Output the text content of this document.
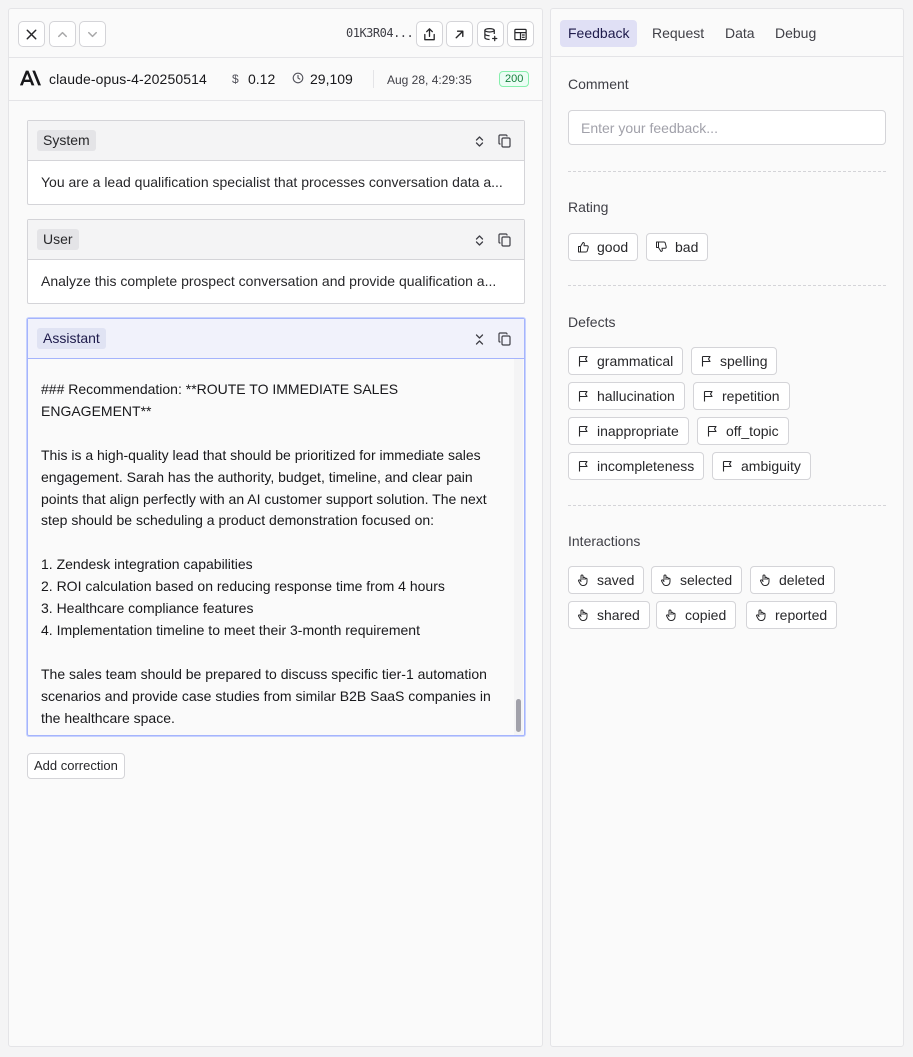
01K3R04...
claude-opus-4-20250514 $ 0.12 29,109	Aug 28, 4:29:35	200
System
You are a lead qualification specialist that processes conversation data a...
User
Analyze this complete prospect conversation and provide qualification a...
Assistant

### Recommendation: **ROUTE TO IMMEDIATE SALES ENGAGEMENT**

This is a high-quality lead that should be prioritized for immediate sales engagement. Sarah has the authority, budget, timeline, and clear pain points that align perfectly with an AI customer support solution. The next step should be scheduling a product demonstration focused on:

1. Zendesk integration capabilities

2. ROI calculation based on reducing response time from 4 hours

3. Healthcare compliance features

4. Implementation timeline to meet their 3-month requirement

The sales team should be prepared to discuss specific tier-1 automation scenarios and provide case studies from similar B2B SaaS companies in the healthcare space.

Add correction
Feedback	Request	Data	Debug
Comment
Enter your feedback...
Rating
good	bad
Defects
grammatical	spelling
hallucination	repetition
inappropriate	off_topic
incompleteness	ambiguity
Interactions
saved	selected	deleted
shared	copied	reported
